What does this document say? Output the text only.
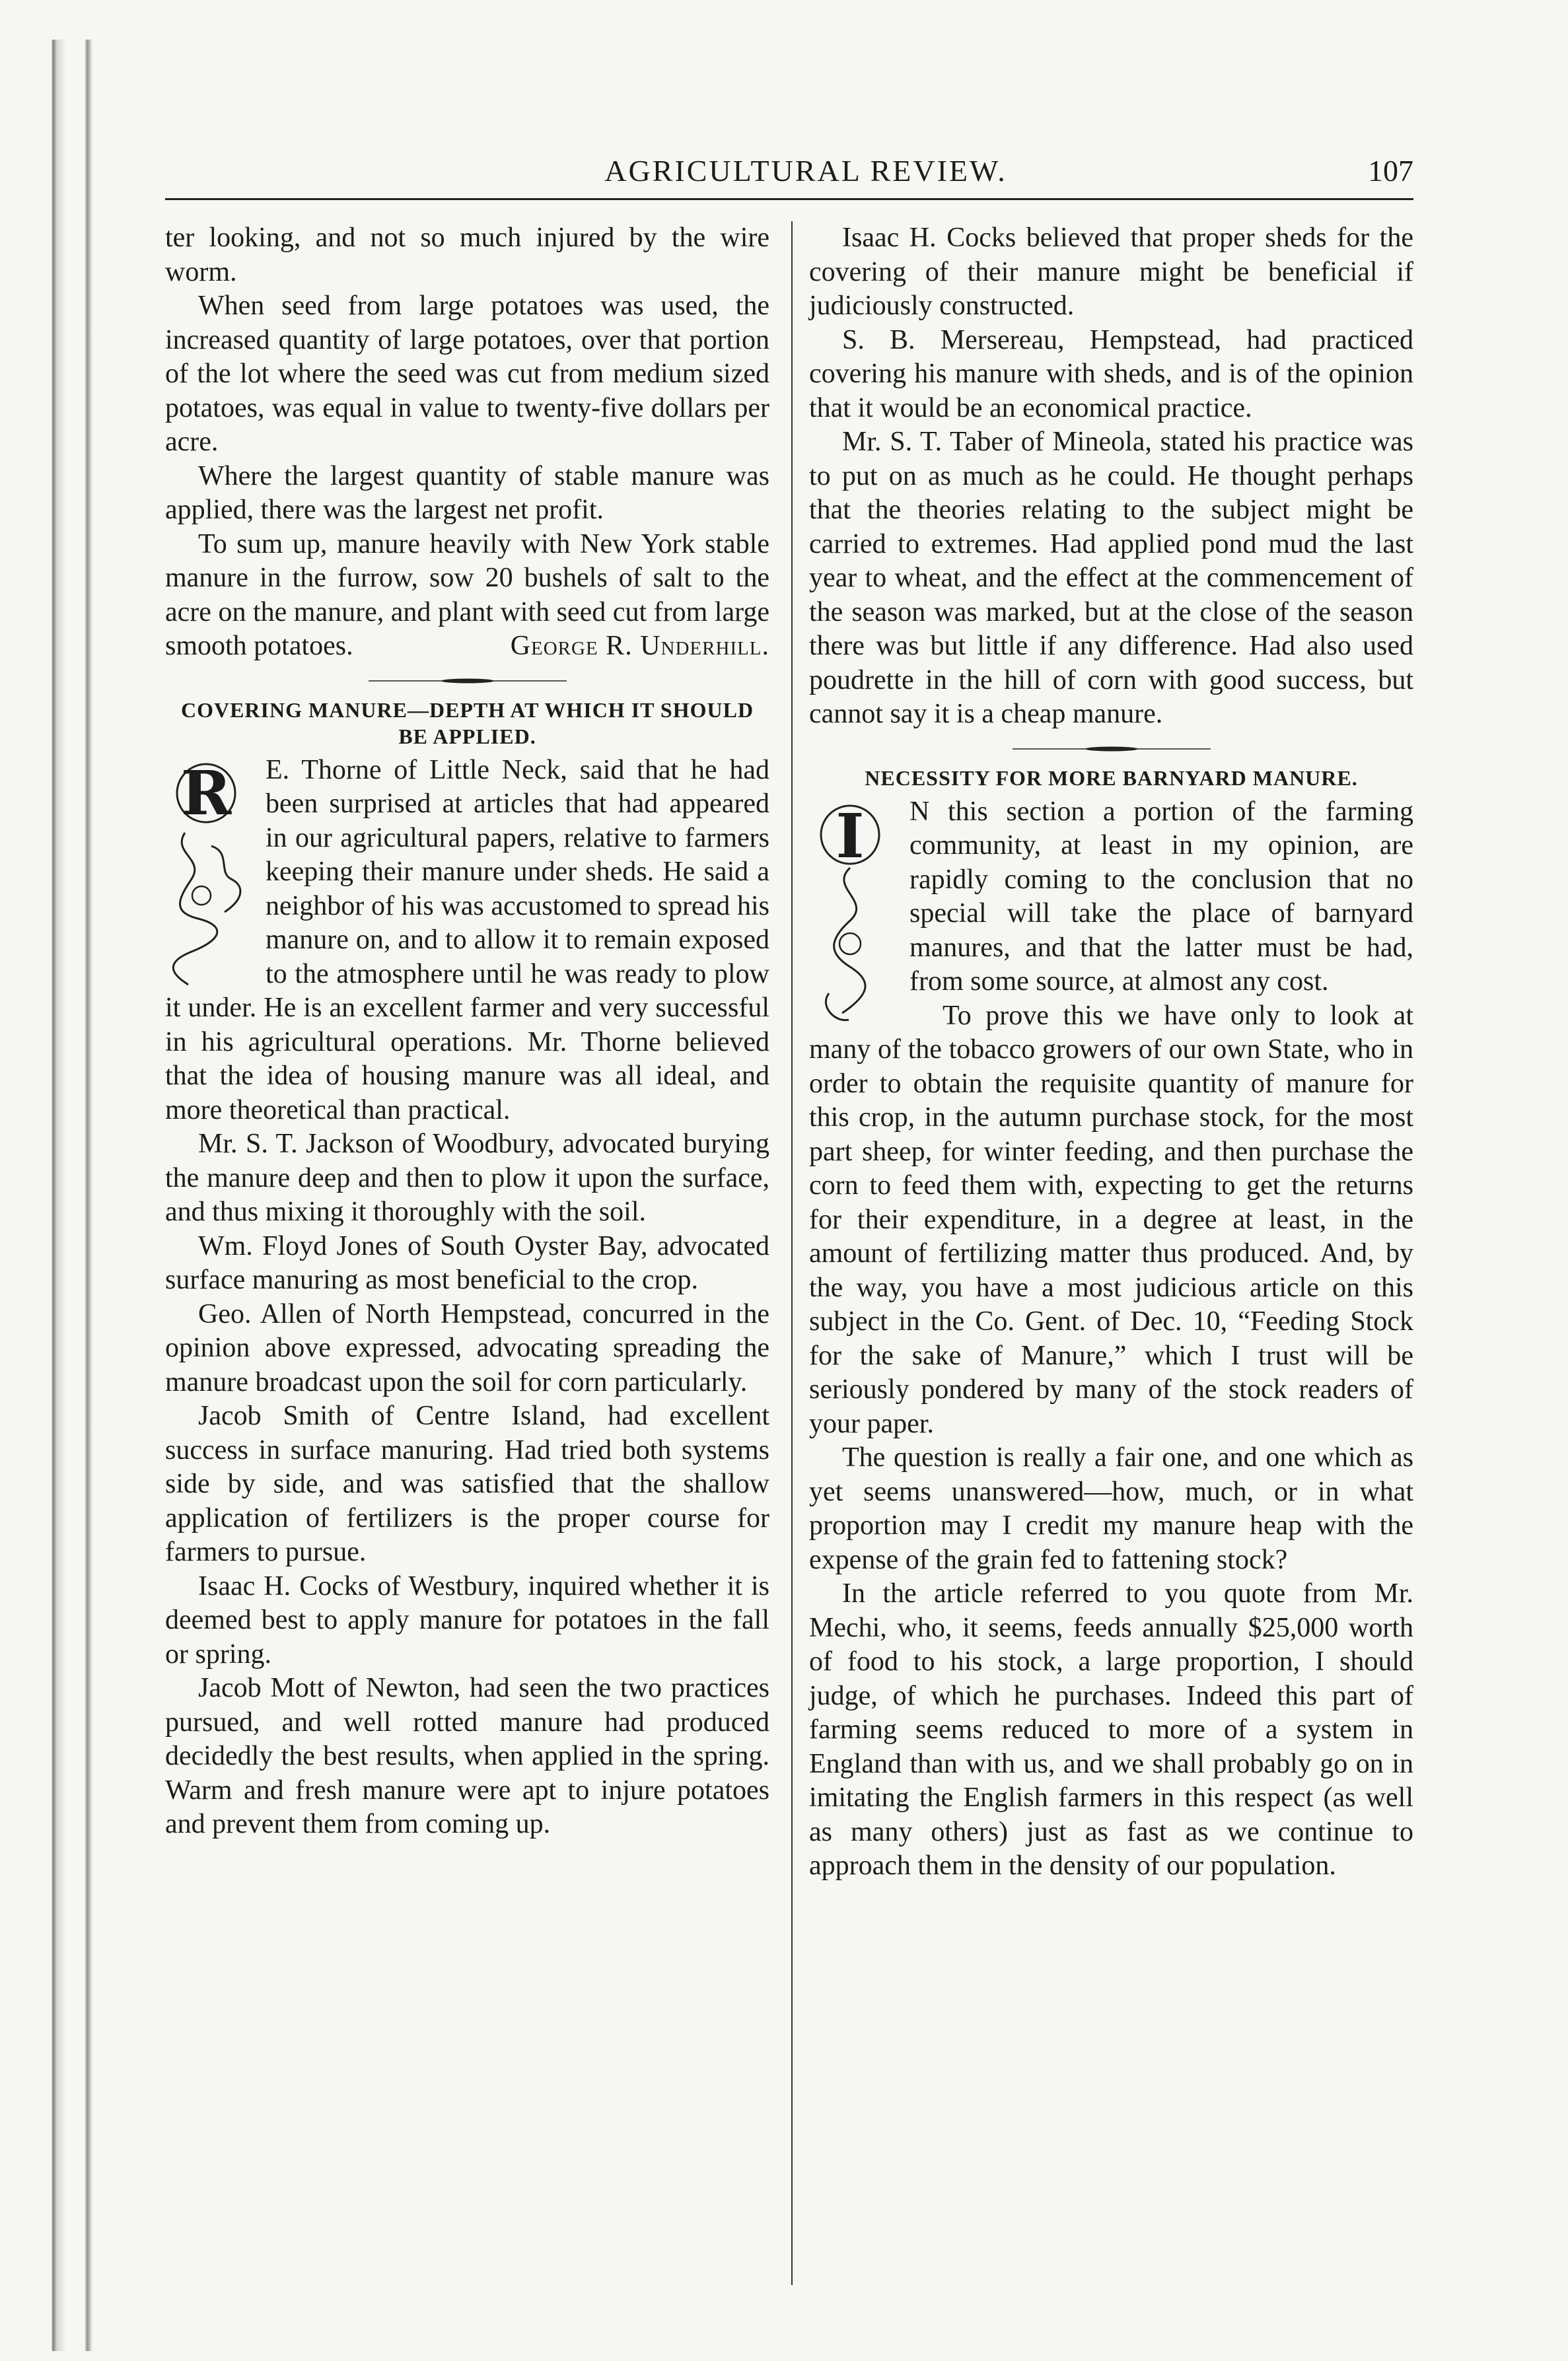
AGRICULTURAL REVIEW.	107

ter looking, and not so much injured by the wire worm.

When seed from large potatoes was used, the increased quantity of large potatoes, over that portion of the lot where the seed was cut from medium sized potatoes, was equal in value to twenty-five dollars per acre.

Where the largest quantity of stable manure was applied, there was the largest net profit.

To sum up, manure heavily with New York stable manure in the furrow, sow 20 bushels of salt to the acre on the manure, and plant with seed cut from large smooth potatoes.	George R. Underhill.

COVERING MANURE—DEPTH AT WHICH IT SHOULD BE APPLIED.
R	E. Thorne of Little Neck, said that he had been surprised at articles that had appeared in our agricultural papers, relative to farmers keeping their manure under sheds. He said a neighbor of his was accustomed to spread his manure on, and to allow it to remain exposed to the atmosphere until he was ready to plow it under. He is an excellent farmer and very successful in his agricultural operations. Mr. Thorne believed that the idea of housing manure was all ideal, and more theoretical than practical.

Mr. S. T. Jackson of Woodbury, advocated burying the manure deep and then to plow it upon the surface, and thus mixing it thoroughly with the soil.

Wm. Floyd Jones of South Oyster Bay, advocated surface manuring as most beneficial to the crop.

Geo. Allen of North Hempstead, concurred in the opinion above expressed, advocating spreading the manure broadcast upon the soil for corn particularly.

Jacob Smith of Centre Island, had excellent success in surface manuring. Had tried both systems side by side, and was satisfied that the shallow application of fertilizers is the proper course for farmers to pursue.

Isaac H. Cocks of Westbury, inquired whether it is deemed best to apply manure for potatoes in the fall or spring.

Jacob Mott of Newton, had seen the two practices pursued, and well rotted manure had produced decidedly the best results, when applied in the spring. Warm and fresh manure were apt to injure potatoes and prevent them from coming up.

Isaac H. Cocks believed that proper sheds for the covering of their manure might be beneficial if judiciously constructed.

S. B. Mersereau, Hempstead, had practiced covering his manure with sheds, and is of the opinion that it would be an economical practice.

Mr. S. T. Taber of Mineola, stated his practice was to put on as much as he could. He thought perhaps that the theories relating to the subject might be carried to extremes. Had applied pond mud the last year to wheat, and the effect at the commencement of the season was marked, but at the close of the season there was but little if any difference. Had also used poudrette in the hill of corn with good success, but cannot say it is a cheap manure.

NECESSITY FOR MORE BARNYARD MANURE.
I	N this section a portion of the farming community, at least in my opinion, are rapidly coming to the conclusion that no special will take the place of barnyard manures, and that the latter must be had, from some source, at almost any cost.

To prove this we have only to look at many of the tobacco growers of our own State, who in order to obtain the requisite quantity of manure for this crop, in the autumn purchase stock, for the most part sheep, for winter feeding, and then purchase the corn to feed them with, expecting to get the returns for their expenditure, in a degree at least, in the amount of fertilizing matter thus produced. And, by the way, you have a most judicious article on this subject in the Co. Gent. of Dec. 10, “Feeding Stock for the sake of Manure,” which I trust will be seriously pondered by many of the stock readers of your paper.

The question is really a fair one, and one which as yet seems unanswered—how, much, or in what proportion may I credit my manure heap with the expense of the grain fed to fattening stock?

In the article referred to you quote from Mr. Mechi, who, it seems, feeds annually $25,000 worth of food to his stock, a large proportion, I should judge, of which he purchases. Indeed this part of farming seems reduced to more of a system in England than with us, and we shall probably go on in imitating the English farmers in this respect (as well as many others) just as fast as we continue to approach them in the density of our population.
